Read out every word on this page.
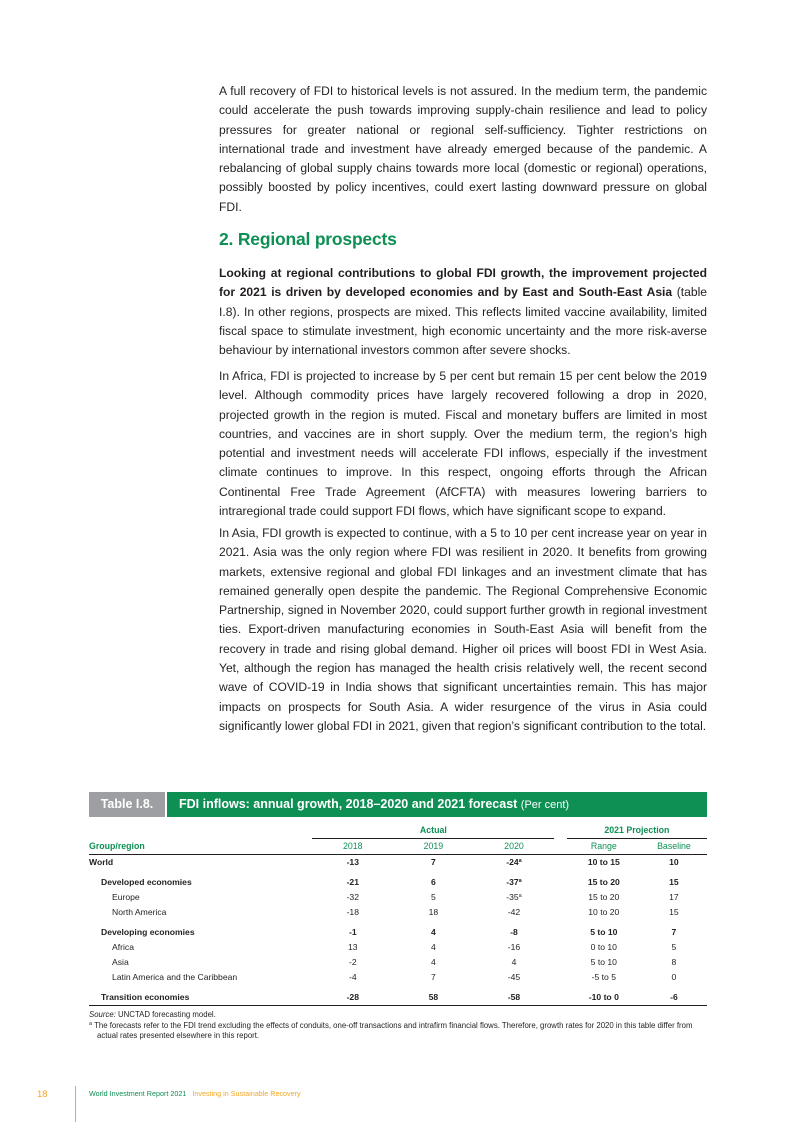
A full recovery of FDI to historical levels is not assured. In the medium term, the pandemic could accelerate the push towards improving supply-chain resilience and lead to policy pressures for greater national or regional self-sufficiency. Tighter restrictions on international trade and investment have already emerged because of the pandemic. A rebalancing of global supply chains towards more local (domestic or regional) operations, possibly boosted by policy incentives, could exert lasting downward pressure on global FDI.

2. Regional prospects

Looking at regional contributions to global FDI growth, the improvement projected for 2021 is driven by developed economies and by East and South-East Asia (table I.8). In other regions, prospects are mixed. This reflects limited vaccine availability, limited fiscal space to stimulate investment, high economic uncertainty and the more risk-averse behaviour by international investors common after severe shocks.

In Africa, FDI is projected to increase by 5 per cent but remain 15 per cent below the 2019 level. Although commodity prices have largely recovered following a drop in 2020, projected growth in the region is muted. Fiscal and monetary buffers are limited in most countries, and vaccines are in short supply. Over the medium term, the region’s high potential and investment needs will accelerate FDI inflows, especially if the investment climate continues to improve. In this respect, ongoing efforts through the African Continental Free Trade Agreement (AfCFTA) with measures lowering barriers to intraregional trade could support FDI flows, which have significant scope to expand.

In Asia, FDI growth is expected to continue, with a 5 to 10 per cent increase year on year in 2021. Asia was the only region where FDI was resilient in 2020. It benefits from growing markets, extensive regional and global FDI linkages and an investment climate that has remained generally open despite the pandemic. The Regional Comprehensive Economic Partnership, signed in November 2020, could support further growth in regional investment ties. Export-driven manufacturing economies in South-East Asia will benefit from the recovery in trade and rising global demand. Higher oil prices will boost FDI in West Asia. Yet, although the region has managed the health crisis relatively well, the recent second wave of COVID-19 in India shows that significant uncertainties remain. This has major impacts on prospects for South Asia. A wider resurgence of the virus in Asia could significantly lower global FDI in 2021, given that region’s significant contribution to the total.

Table I.8.	FDI inflows: annual growth, 2018–2020 and 2021 forecast (Per cent)
	Actual				2021 Projection	
Group/region	2018	2019	2020		Range	Baseline
World	-13	7	-24$^a$		10 to 15	10

Developed economies	-21	6	-37$^a$		15 to 20	15
Europe	-32	5	-35$^a$		15 to 20	17
North America	-18	18	-42		10 to 20	15

Developing economies	-1	4	-8		5 to 10	7
Africa	13	4	-16		0 to 10	5
Asia	-2	4	4		5 to 10	8
Latin America and the Caribbean	-4	7	-45		-5 to 5	0

Transition economies	-28	58	-58		-10 to 0	-6
Source: UNCTAD forecasting model.
$^a$ The forecasts refer to the FDI trend excluding the effects of conduits, one-off transactions and intrafirm financial flows. Therefore, growth rates for 2020 in this table differ from actual rates presented elsewhere in this report.
18	World Investment Report 2021 Investing in Sustainable Recovery
